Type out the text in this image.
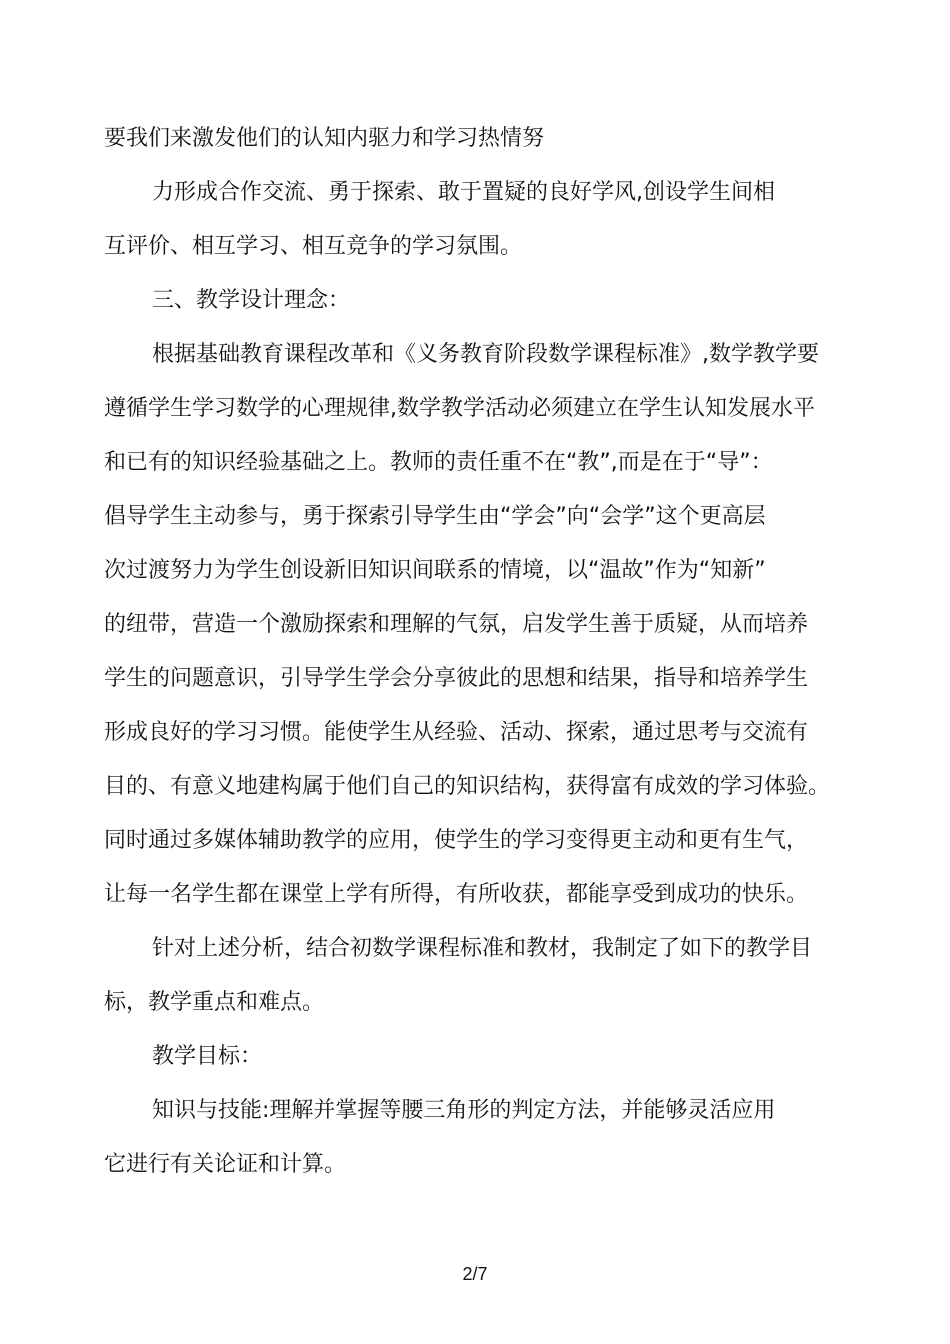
要我们来激发他们的认知内驱力和学习热情努
力形成合作交流、勇于探索、敢于置疑的良好学风,创设学生间相
互评价、相互学习、相互竞争的学习氛围。
三、教学设计理念：
根据基础教育课程改革和《义务教育阶段数学课程标准》,数学教学要
遵循学生学习数学的心理规律,数学教学活动必须建立在学生认知发展水平
和已有的知识经验基础之上。教师的责任重不在“教”,而是在于“导”：
倡导学生主动参与，勇于探索引导学生由“学会”向“会学”这个更高层
次过渡努力为学生创设新旧知识间联系的情境，以“温故”作为“知新”
的纽带，营造一个激励探索和理解的气氛，启发学生善于质疑，从而培养
学生的问题意识，引导学生学会分享彼此的思想和结果，指导和培养学生
形成良好的学习习惯。能使学生从经验、活动、探索，通过思考与交流有
目的、有意义地建构属于他们自己的知识结构，获得富有成效的学习体验。
同时通过多媒体辅助教学的应用，使学生的学习变得更主动和更有生气，
让每一名学生都在课堂上学有所得，有所收获，都能享受到成功的快乐。
针对上述分析，结合初数学课程标准和教材，我制定了如下的教学目
标，教学重点和难点。
教学目标：
知识与技能:理解并掌握等腰三角形的判定方法，并能够灵活应用
它进行有关论证和计算。
2/7
